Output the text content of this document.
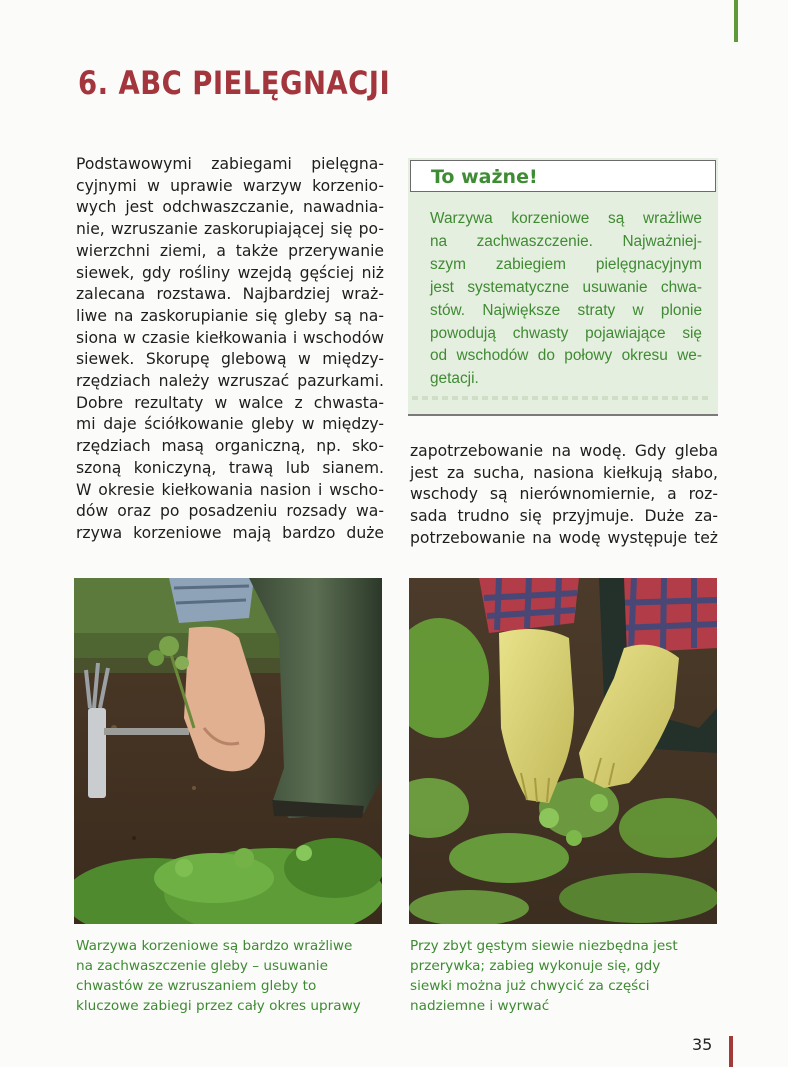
6. ABC PIELĘGNACJI
Podstawowymi zabiegami pielęgna-
cyjnymi w uprawie warzyw korzenio-
wych jest odchwaszczanie, nawadnia-
nie, wzruszanie zaskorupiającej się po-
wierzchni ziemi, a także przerywanie
siewek, gdy rośliny wzejdą gęściej niż
zalecana rozstawa. Najbardziej wraż-
liwe na zaskorupianie się gleby są na-
siona w czasie kiełkowania i wschodów
siewek. Skorupę glebową w między-
rzędziach należy wzruszać pazurkami.
Dobre rezultaty w walce z chwasta-
mi daje ściółkowanie gleby w między-
rzędziach masą organiczną, np. sko-
szoną koniczyną, trawą lub sianem.
W okresie kiełkowania nasion i wscho-
dów oraz po posadzeniu rozsady wa-
rzywa korzeniowe mają bardzo duże
To ważne!
Warzywa korzeniowe są wrażliwe
na zachwaszczenie. Najważniej-
szym zabiegiem pielęgnacyjnym
jest systematyczne usuwanie chwa-
stów. Największe straty w plonie
powodują chwasty pojawiające się
od wschodów do połowy okresu we-
getacji.
zapotrzebowanie na wodę. Gdy gleba
jest za sucha, nasiona kiełkują słabo,
wschody są nierównomiernie, a roz-
sada trudno się przyjmuje. Duże za-
potrzebowanie na wodę występuje też
Warzywa korzeniowe są bardzo wrażliwe
na zachwaszczenie gleby – usuwanie
chwastów ze wzruszaniem gleby to
kluczowe zabiegi przez cały okres uprawy
Przy zbyt gęstym siewie niezbędna jest
przerywka; zabieg wykonuje się, gdy
siewki można już chwycić za części
nadziemne i wyrwać
35
